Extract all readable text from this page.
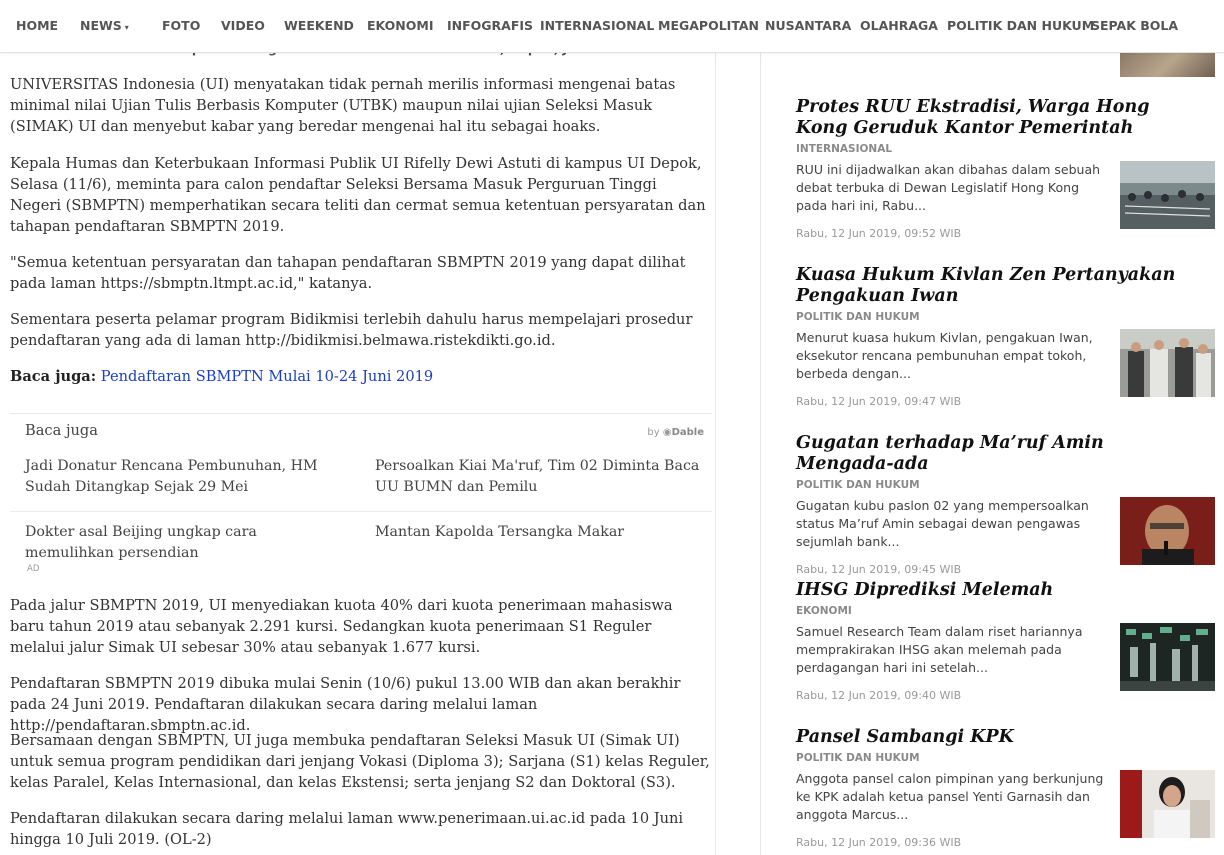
UNIVERSITAS Indonesia (UI) menyatakan tidak pernah merilis informasi mengenai batas minimal nilai Ujian Tulis Berbasis Komputer (UTBK) maupun nilai ujian Seleksi Masuk (SIMAK) UI dan menyebut kabar yang beredar mengenai hal itu sebagai hoaks.

Kepala Humas dan Keterbukaan Informasi Publik UI Rifelly Dewi Astuti di kampus UI Depok, Selasa (11/6), meminta para calon pendaftar Seleksi Bersama Masuk Perguruan Tinggi Negeri (SBMPTN) memperhatikan secara teliti dan cermat semua ketentuan persyaratan dan tahapan pendaftaran SBMPTN 2019.

"Semua ketentuan persyaratan dan tahapan pendaftaran SBMPTN 2019 yang dapat dilihat pada laman https://sbmptn.ltmpt.ac.id," katanya.

Sementara peserta pelamar program Bidikmisi terlebih dahulu harus mempelajari prosedur pendaftaran yang ada di laman http://bidikmisi.belmawa.ristekdikti.go.id.

Baca juga: Pendaftaran SBMPTN Mulai 10-24 Juni 2019

Baca juga	by ◉Dable
Jadi Donatur Rencana Pembunuhan, HM Sudah Ditangkap Sejak 29 Mei
Persoalkan Kiai Ma'ruf, Tim 02 Diminta Baca UU BUMN dan Pemilu
Dokter asal Beijing ungkap cara memulihkan persendian
Mantan Kapolda Tersangka Makar
AD

Pada jalur SBMPTN 2019, UI menyediakan kuota 40% dari kuota penerimaan mahasiswa baru tahun 2019 atau sebanyak 2.291 kursi. Sedangkan kuota penerimaan S1 Reguler melalui jalur Simak UI sebesar 30% atau sebanyak 1.677 kursi.

Pendaftaran SBMPTN 2019 dibuka mulai Senin (10/6) pukul 13.00 WIB dan akan berakhir pada 24 Juni 2019. Pendaftaran dilakukan secara daring melalui laman http://pendaftaran.sbmptn.ac.id.

Bersamaan dengan SBMPTN, UI juga membuka pendaftaran Seleksi Masuk UI (Simak UI) untuk semua program pendidikan dari jenjang Vokasi (Diploma 3); Sarjana (S1) kelas Reguler, kelas Paralel, Kelas Internasional, dan kelas Ekstensi; serta jenjang S2 dan Doktoral (S3).

Pendaftaran dilakukan secara daring melalui laman www.penerimaan.ui.ac.id pada 10 Juni hingga 10 Juli 2019. (OL-2)

Protes RUU Ekstradisi, Warga Hong Kong Geruduk Kantor Pemerintah
INTERNASIONAL
RUU ini dijadwalkan akan dibahas dalam sebuah debat terbuka di Dewan Legislatif Hong Kong pada hari ini, Rabu...
Rabu, 12 Jun 2019, 09:52 WIB
Kuasa Hukum Kivlan Zen Pertanyakan Pengakuan Iwan
POLITIK DAN HUKUM
Menurut kuasa hukum Kivlan, pengakuan Iwan, eksekutor rencana pembunuhan empat tokoh, berbeda dengan...
Rabu, 12 Jun 2019, 09:47 WIB
Gugatan terhadap Ma’ruf Amin Mengada-ada
POLITIK DAN HUKUM
Gugatan kubu paslon 02 yang mempersoalkan status Ma’ruf Amin sebagai dewan pengawas sejumlah bank...
Rabu, 12 Jun 2019, 09:45 WIB
IHSG Diprediksi Melemah
EKONOMI
Samuel Research Team dalam riset hariannya memprakirakan IHSG akan melemah pada perdagangan hari ini setelah...
Rabu, 12 Jun 2019, 09:40 WIB
Pansel Sambangi KPK
POLITIK DAN HUKUM
Anggota pansel calon pimpinan yang berkunjung ke KPK adalah ketua pansel Yenti Garnasih dan anggota Marcus...
Rabu, 12 Jun 2019, 09:36 WIB
HOME NEWS ▾	FOTO VIDEO WEEKEND EKONOMI INFOGRAFIS INTERNASIONAL MEGAPOLITAN NUSANTARA OLAHRAGA POLITIK DAN HUKUM
SEPAK BOLA
